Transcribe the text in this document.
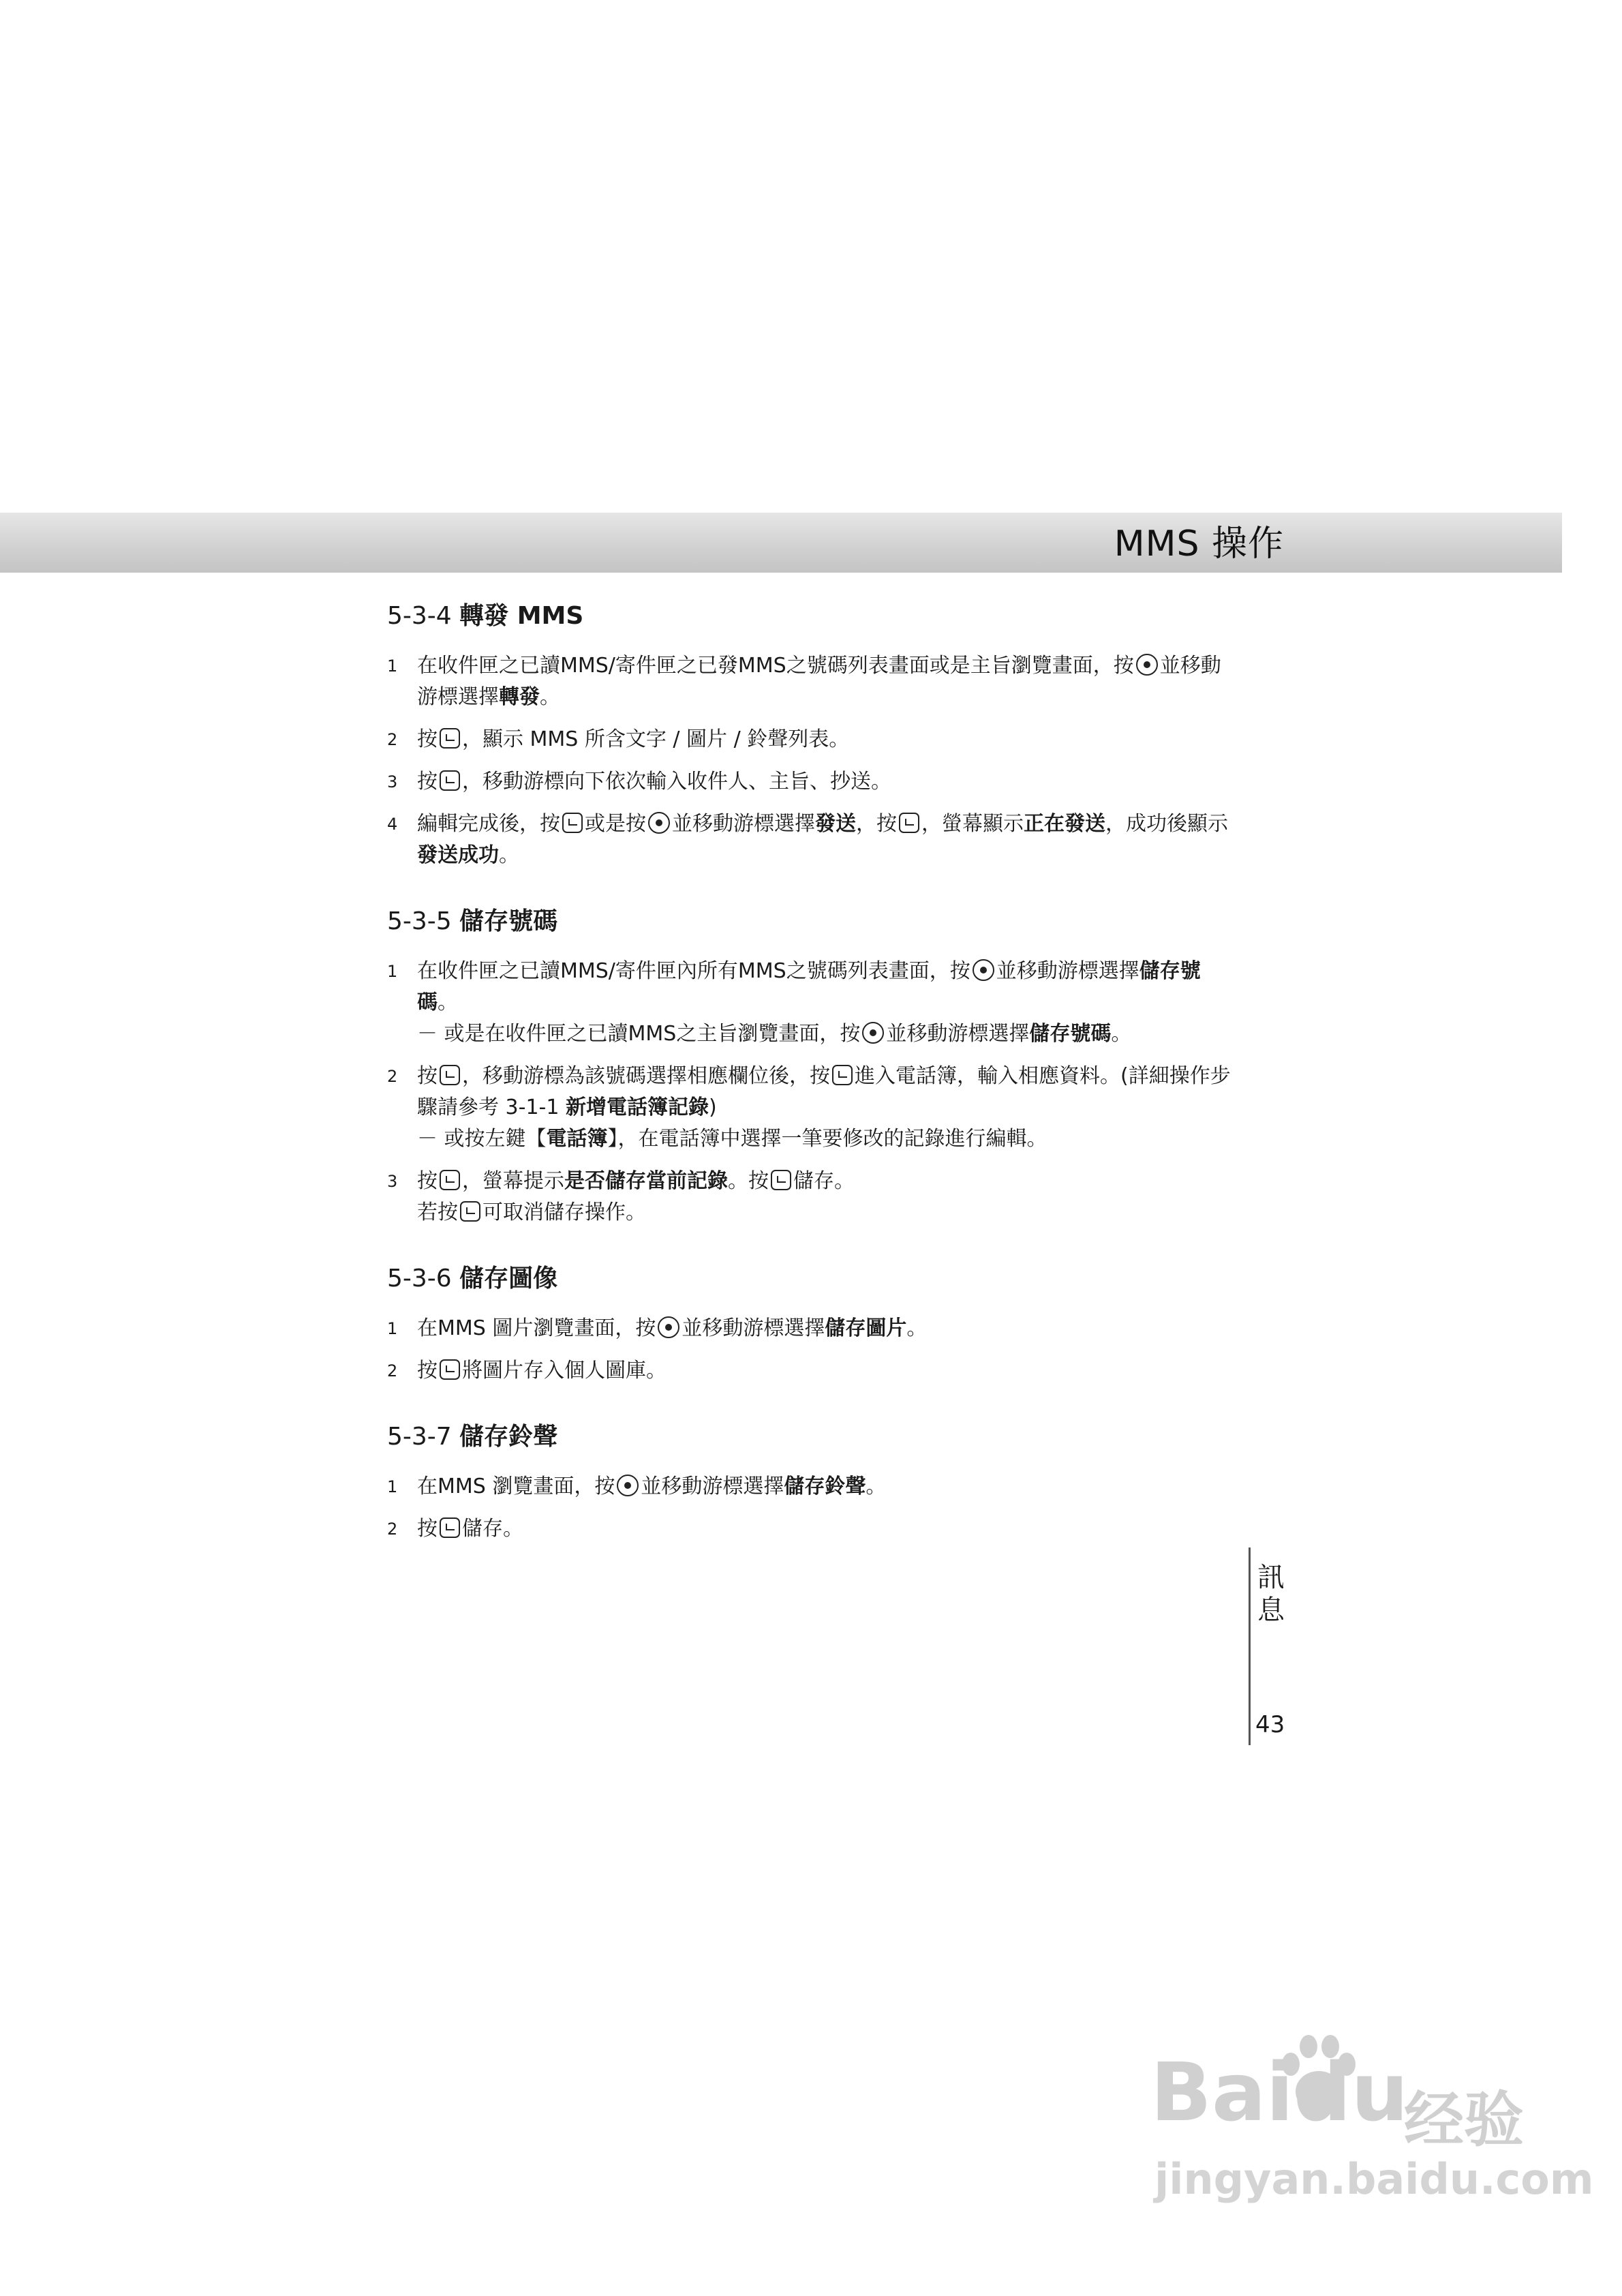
MMS 操作
5-3-4 轉發 MMS
1 在收件匣之已讀MMS/寄件匣之已發MMS之號碼列表畫面或是主旨瀏覽畫面，按 並移動游標選擇轉發。
2 按 ，顯示 MMS 所含文字 / 圖片 / 鈴聲列表。
3 按 ，移動游標向下依次輸入收件人、主旨、抄送。
4 編輯完成後，按 或是按 並移動游標選擇發送，按 ，螢幕顯示正在發送，成功後顯示發送成功。
5-3-5 儲存號碼
1 在收件匣之已讀MMS/寄件匣內所有MMS之號碼列表畫面，按 並移動游標選擇儲存號碼。
－ 或是在收件匣之已讀MMS之主旨瀏覽畫面，按 並移動游標選擇儲存號碼。
2 按 ，移動游標為該號碼選擇相應欄位後，按 進入電話簿，輸入相應資料。(詳細操作步驟請參考 3-1-1 新增電話簿記錄)
－ 或按左鍵【電話簿】，在電話簿中選擇一筆要修改的記錄進行編輯。
3 按 ，螢幕提示是否儲存當前記錄。按 儲存。
若按 可取消儲存操作。
5-3-6 儲存圖像
1 在MMS 圖片瀏覽畫面，按 並移動游標選擇儲存圖片。
2 按 將圖片存入個人圖庫。
5-3-7 儲存鈴聲
1 在MMS 瀏覽畫面，按 並移動游標選擇儲存鈴聲。
2 按 儲存。
訊
息
43
Baidu
经验
jingyan.baidu.com
